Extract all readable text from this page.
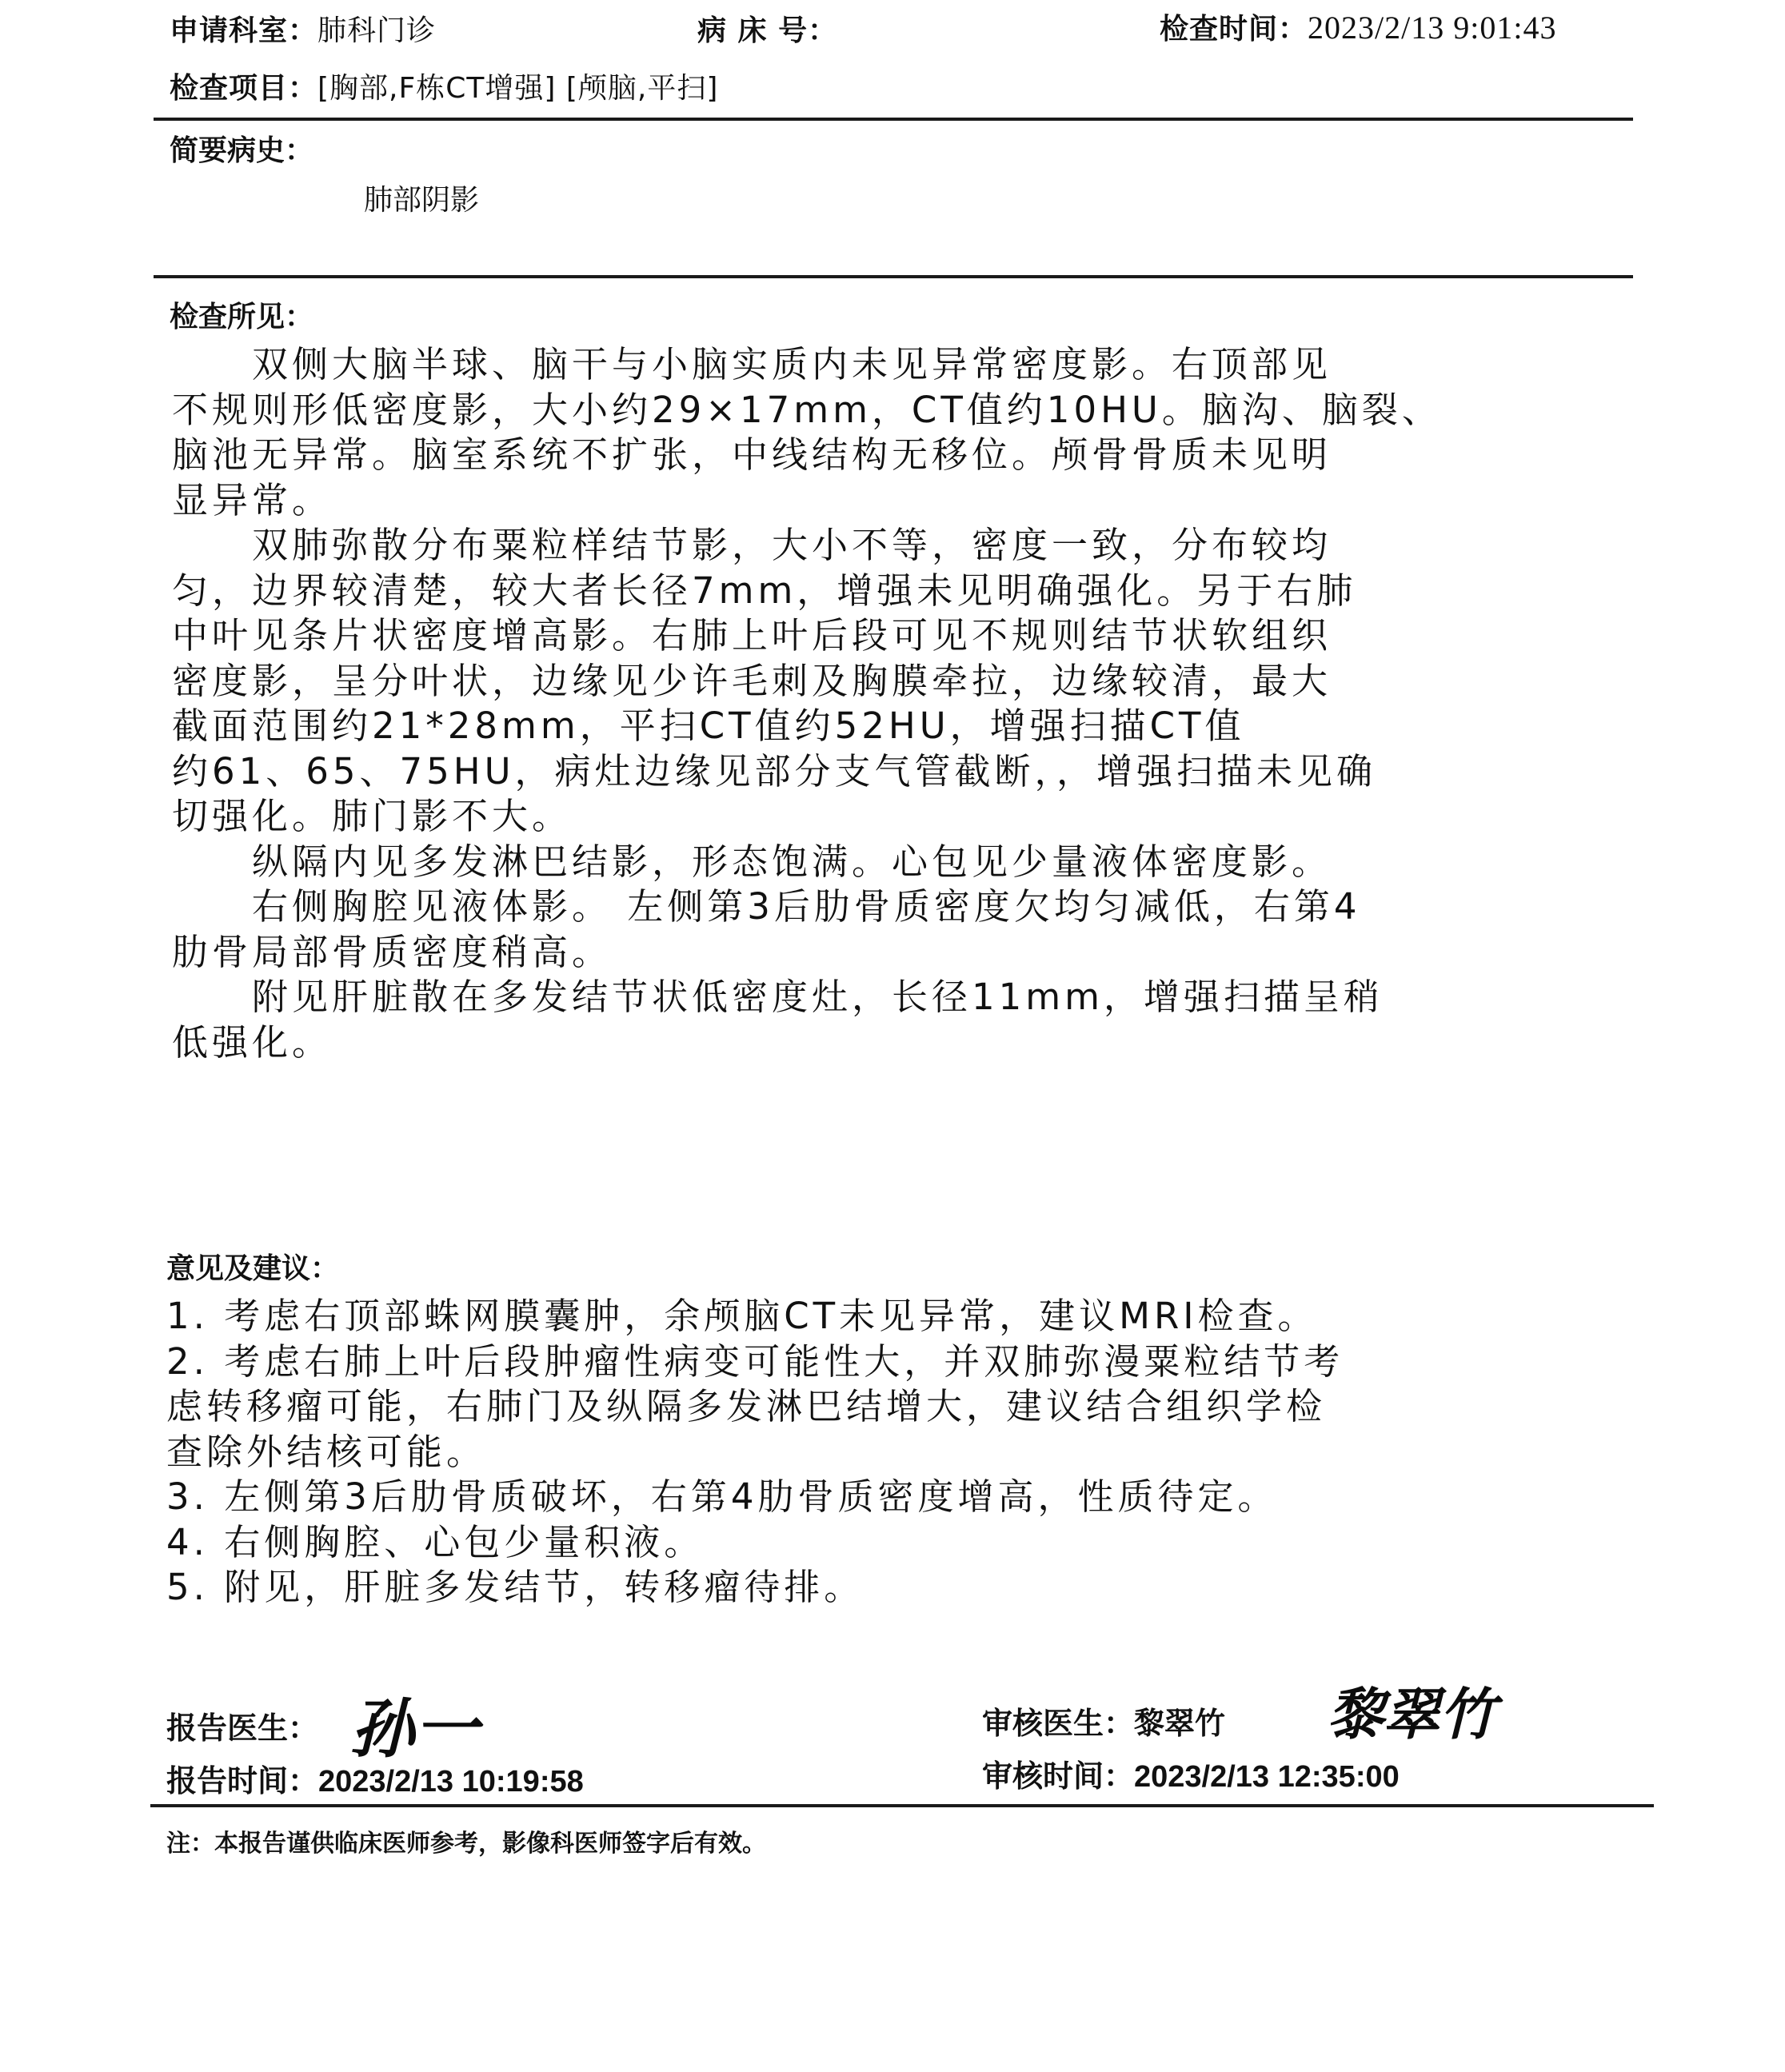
申请科室：肺科门诊	病 床 号：	检查时间：2023/2/13 9:01:43
检查项目：[胸部,F栋CT增强] [颅脑,平扫]
简要病史：
肺部阴影
检查所见：
　　双侧大脑半球、脑干与小脑实质内未见异常密度影。右顶部见
不规则形低密度影，大小约29×17mm，CT值约10HU。脑沟、脑裂、
脑池无异常。脑室系统不扩张，中线结构无移位。颅骨骨质未见明
显异常。
　　双肺弥散分布粟粒样结节影，大小不等，密度一致，分布较均
匀，边界较清楚，较大者长径7mm，增强未见明确强化。另于右肺
中叶见条片状密度增高影。右肺上叶后段可见不规则结节状软组织
密度影，呈分叶状，边缘见少许毛刺及胸膜牵拉，边缘较清，最大
截面范围约21*28mm，平扫CT值约52HU，增强扫描CT值
约61、65、75HU，病灶边缘见部分支气管截断，，增强扫描未见确
切强化。肺门影不大。
　　纵隔内见多发淋巴结影，形态饱满。心包见少量液体密度影。
　　右侧胸腔见液体影。 左侧第3后肋骨质密度欠均匀减低，右第4
肋骨局部骨质密度稍高。
　　附见肝脏散在多发结节状低密度灶，长径11mm，增强扫描呈稍
低强化。
意见及建议：
1. 考虑右顶部蛛网膜囊肿，余颅脑CT未见异常，建议MRI检查。
2. 考虑右肺上叶后段肿瘤性病变可能性大，并双肺弥漫粟粒结节考
虑转移瘤可能，右肺门及纵隔多发淋巴结增大，建议结合组织学检
查除外结核可能。
3. 左侧第3后肋骨质破坏，右第4肋骨质密度增高，性质待定。
4. 右侧胸腔、心包少量积液。
5. 附见，肝脏多发结节，转移瘤待排。
报告医生： 孙一
报告时间：2023/2/13 10:19:58
审核医生：黎翠竹 黎翠竹
审核时间：2023/2/13 12:35:00
注：本报告谨供临床医师参考，影像科医师签字后有效。
